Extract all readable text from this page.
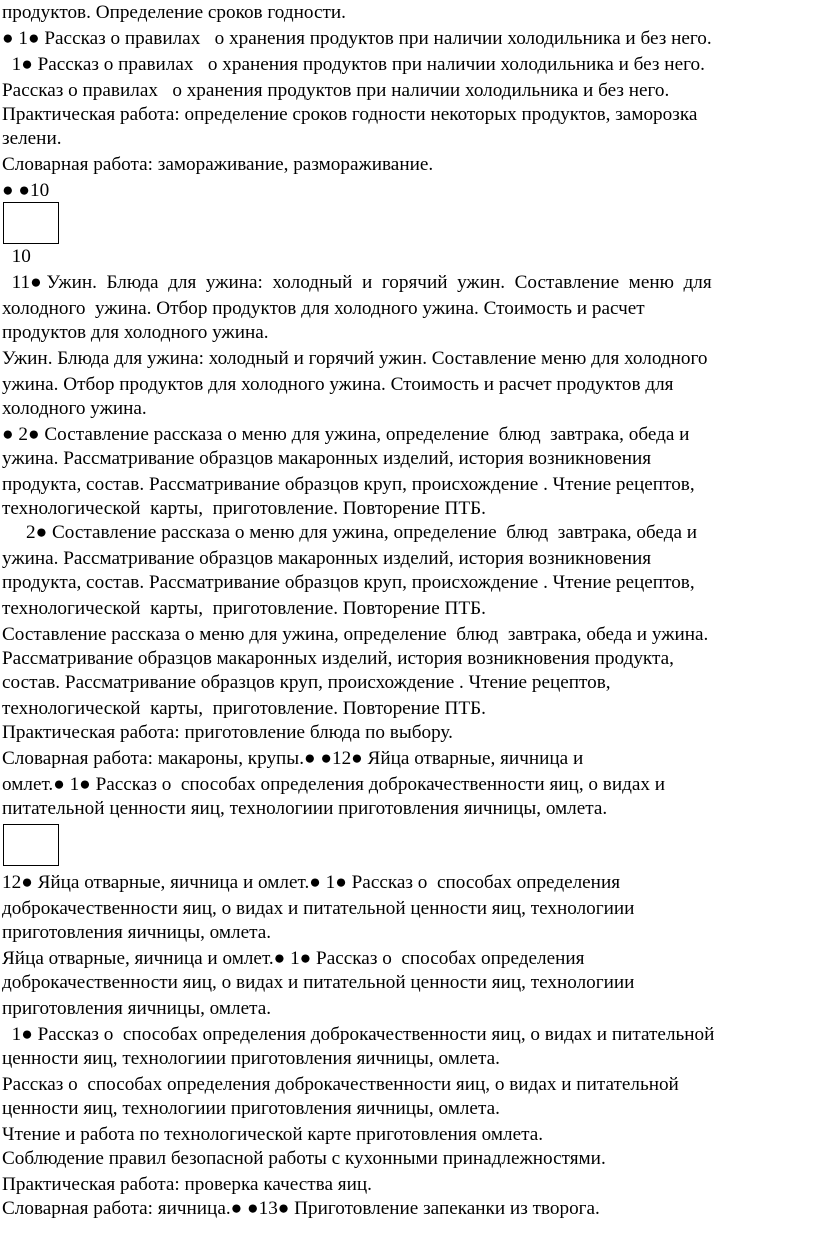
продуктов. Определение сроков годности.
● 1● Рассказ о правилах   о хранения продуктов при наличии холодильника и без него.
1● Рассказ о правилах   о хранения продуктов при наличии холодильника и без него.
Рассказ о правилах   о хранения продуктов при наличии холодильника и без него.
Практическая работа: определение сроков годности некоторых продуктов, заморозка
зелени.
Словарная работа: замораживание, размораживание.
● ●10
10
11● Ужин.  Блюда  для  ужина:  холодный  и  горячий  ужин.  Составление  меню  для
холодного  ужина. Отбор продуктов для холодного ужина. Стоимость и расчет
продуктов для холодного ужина.
Ужин. Блюда для ужина: холодный и горячий ужин. Составление меню для холодного
ужина. Отбор продуктов для холодного ужина. Стоимость и расчет продуктов для
холодного ужина.
● 2● Составление рассказа о меню для ужина, определение  блюд  завтрака, обеда и
ужина. Рассматривание образцов макаронных изделий, история возникновения
продукта, состав. Рассматривание образцов круп, происхождение . Чтение рецептов,
технологической  карты,  приготовление. Повторение ПТБ.
2● Составление рассказа о меню для ужина, определение  блюд  завтрака, обеда и
ужина. Рассматривание образцов макаронных изделий, история возникновения
продукта, состав. Рассматривание образцов круп, происхождение . Чтение рецептов,
технологической  карты,  приготовление. Повторение ПТБ.
Составление рассказа о меню для ужина, определение  блюд  завтрака, обеда и ужина.
Рассматривание образцов макаронных изделий, история возникновения продукта,
состав. Рассматривание образцов круп, происхождение . Чтение рецептов,
технологической  карты,  приготовление. Повторение ПТБ.
Практическая работа: приготовление блюда по выбору.
Словарная работа: макароны, крупы.● ●12● Яйца отварные, яичница и
омлет.● 1● Рассказ о  способах определения доброкачественности яиц, о видах и
питательной ценности яиц, технологиии приготовления яичницы, омлета.
12● Яйца отварные, яичница и омлет.● 1● Рассказ о  способах определения
доброкачественности яиц, о видах и питательной ценности яиц, технологиии
приготовления яичницы, омлета.
Яйца отварные, яичница и омлет.● 1● Рассказ о  способах определения
доброкачественности яиц, о видах и питательной ценности яиц, технологиии
приготовления яичницы, омлета.
1● Рассказ о  способах определения доброкачественности яиц, о видах и питательной
ценности яиц, технологиии приготовления яичницы, омлета.
Рассказ о  способах определения доброкачественности яиц, о видах и питательной
ценности яиц, технологиии приготовления яичницы, омлета.
Чтение и работа по технологической карте приготовления омлета.
Соблюдение правил безопасной работы с кухонными принадлежностями.
Практическая работа: проверка качества яиц.
Словарная работа: яичница.● ●13● Приготовление запеканки из творога.
